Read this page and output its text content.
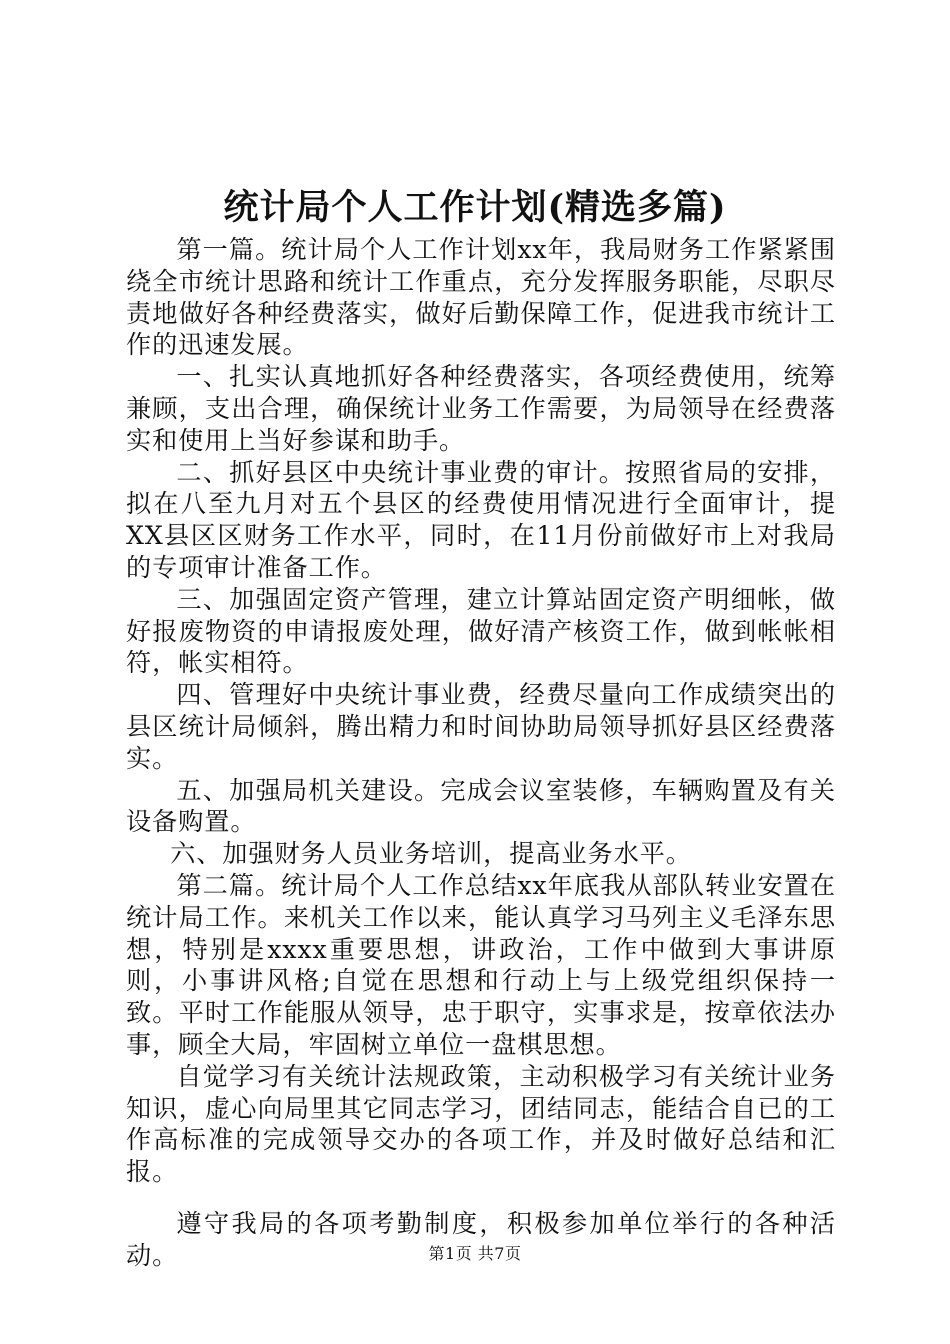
统计局个人工作计划(精选多篇)

第一篇。统计局个人工作计划xx年，我局财务工作紧紧围绕全市统计思路和统计工作重点，充分发挥服务职能，尽职尽责地做好各种经费落实，做好后勤保障工作，促进我市统计工作的迅速发展。

一、扎实认真地抓好各种经费落实，各项经费使用，统筹兼顾，支出合理，确保统计业务工作需要，为局领导在经费落实和使用上当好参谋和助手。

二、抓好县区中央统计事业费的审计。按照省局的安排，拟在八至九月对五个县区的经费使用情况进行全面审计，提XX县区区财务工作水平，同时，在11月份前做好市上对我局的专项审计准备工作。

三、加强固定资产管理，建立计算站固定资产明细帐，做好报废物资的申请报废处理，做好清产核资工作，做到帐帐相符，帐实相符。

四、管理好中央统计事业费，经费尽量向工作成绩突出的县区统计局倾斜，腾出精力和时间协助局领导抓好县区经费落实。

五、加强局机关建设。完成会议室装修，车辆购置及有关设备购置。

六、加强财务人员业务培训，提高业务水平。

第二篇。统计局个人工作总结xx年底我从部队转业安置在统计局工作。来机关工作以来，能认真学习马列主义毛泽东思想，特别是xxxx重要思想，讲政治，工作中做到大事讲原则，小事讲风格;自觉在思想和行动上与上级党组织保持一致。平时工作能服从领导，忠于职守，实事求是，按章依法办事，顾全大局，牢固树立单位一盘棋思想。

自觉学习有关统计法规政策，主动积极学习有关统计业务知识，虚心向局里其它同志学习，团结同志，能结合自已的工作高标准的完成领导交办的各项工作，并及时做好总结和汇报。

遵守我局的各项考勤制度，积极参加单位举行的各种活动。	第1页 共7页
